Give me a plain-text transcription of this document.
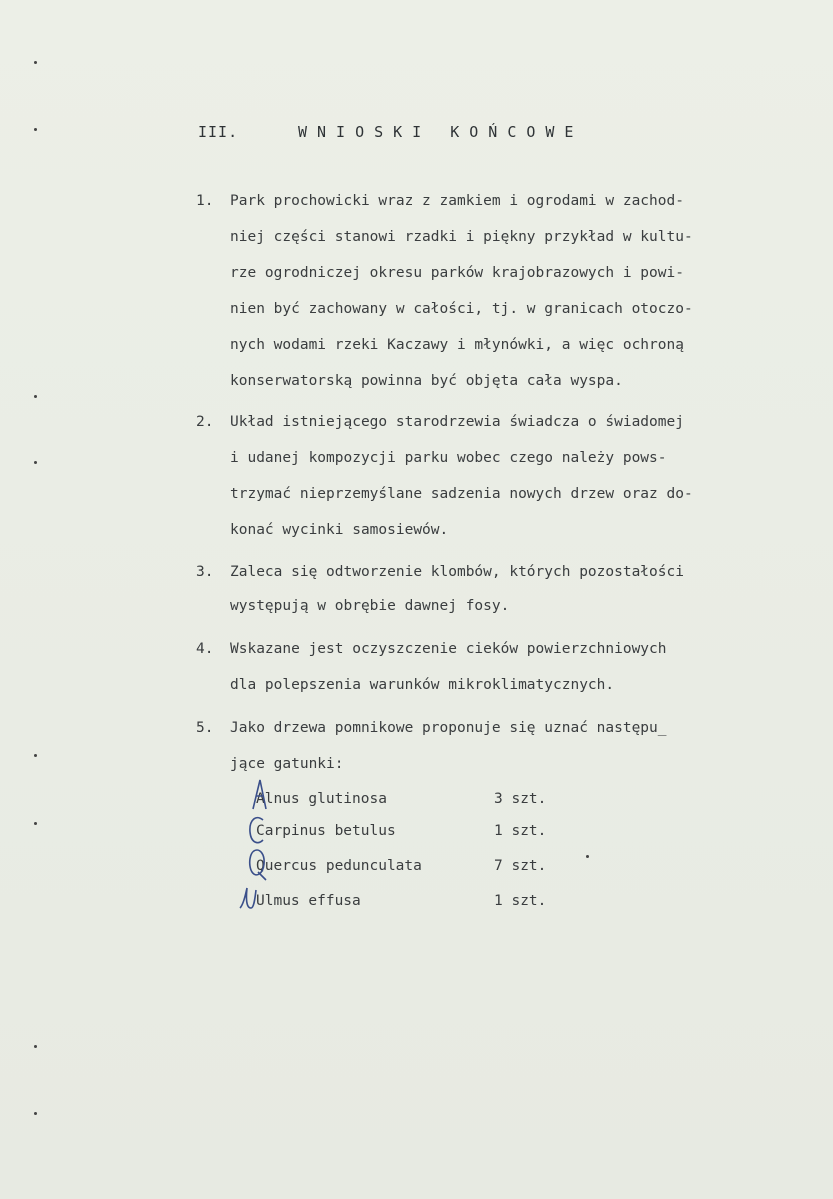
III.	WNIOSKI KOŃCOWE
1.	Park prochowicki wraz z zamkiem i ogrodami w zachod-
niej części stanowi rzadki i piękny przykład w kultu-
rze ogrodniczej okresu parków krajobrazowych i powi-
nien być zachowany w całości, tj. w granicach otoczo-
nych wodami rzeki Kaczawy i młynówki, a więc ochroną
konserwatorską powinna być objęta cała wyspa.
2.	Układ istniejącego starodrzewia świadcza o świadomej
i udanej kompozycji parku wobec czego należy pows-
trzymać nieprzemyślane sadzenia nowych drzew oraz do-
konać wycinki samosiewów.
3.	Zaleca się odtworzenie klombów, których pozostałości
występują w obrębie dawnej fosy.
4.	Wskazane jest oczyszczenie cieków powierzchniowych
dla polepszenia warunków mikroklimatycznych.
5.	Jako drzewa pomnikowe proponuje się uznać następu_
jące gatunki:
Alnus glutinosa	3 szt.
Carpinus betulus	1 szt.
Quercus pedunculata	7 szt.
Ulmus effusa	1 szt.
